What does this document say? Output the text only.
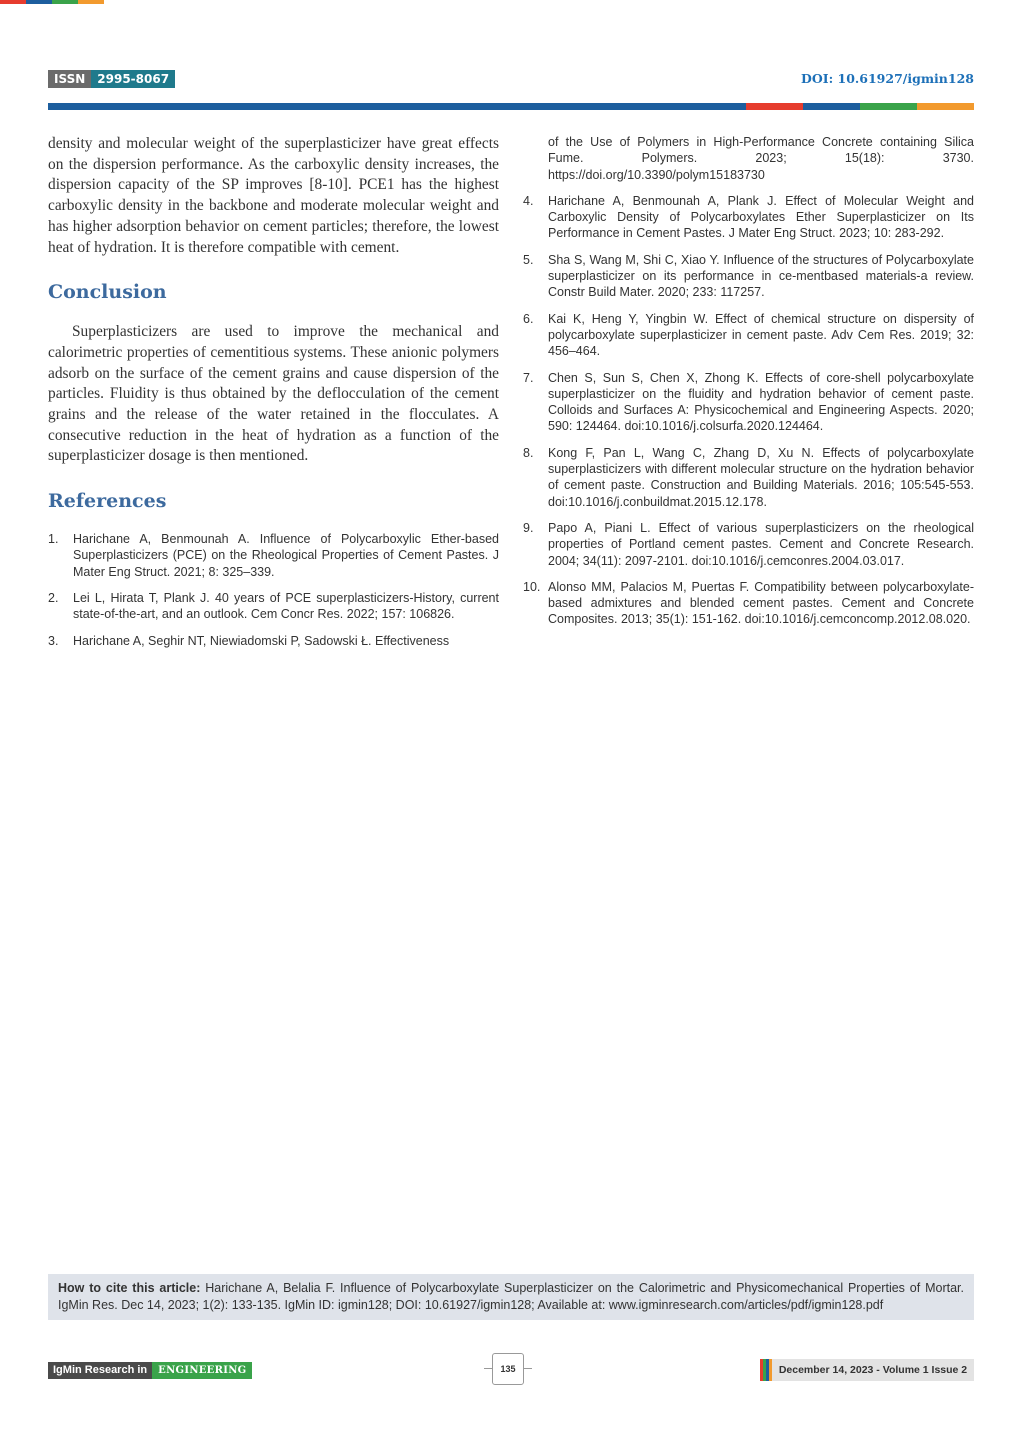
ISSN	2995-8067	DOI: 10.61927/igmin128

density and molecular weight of the superplasticizer have great effects on the dispersion performance. As the carboxylic density increases, the dispersion capacity of the SP improves [8-10]. PCE1 has the highest carboxylic density in the backbone and moderate molecular weight and has higher adsorption behavior on cement particles; therefore, the lowest heat of hydration. It is therefore compatible with cement.

Conclusion

Superplasticizers are used to improve the mechanical and calorimetric properties of cementitious systems. These anionic polymers adsorb on the surface of the cement grains and cause dispersion of the particles. Fluidity is thus obtained by the deflocculation of the cement grains and the release of the water retained in the flocculates. A consecutive reduction in the heat of hydration as a function of the superplasticizer dosage is then mentioned.

References
1.	Harichane A, Benmounah A. Influence of Polycarboxylic Ether-based Superplasticizers (PCE) on the Rheological Properties of Cement Pastes. J Mater Eng Struct. 2021; 8: 325–339.
2.	Lei L, Hirata T, Plank J. 40 years of PCE superplasticizers-History, current state-of-the-art, and an outlook. Cem Concr Res. 2022; 157: 106826.
3.	Harichane A, Seghir NT, Niewiadomski P, Sadowski Ł. Effectiveness
of the Use of Polymers in High-Performance Concrete containing Silica Fume. Polymers. 2023; 15(18): 3730. https://doi.org/10.3390/polym15183730
4.	Harichane A, Benmounah A, Plank J. Effect of Molecular Weight and Carboxylic Density of Polycarboxylates Ether Superplasticizer on Its Performance in Cement Pastes. J Mater Eng Struct. 2023; 10: 283-292.
5.	Sha S, Wang M, Shi C, Xiao Y. Influence of the structures of Polycarboxylate superplasticizer on its performance in ce-mentbased materials-a review. Constr Build Mater. 2020; 233: 117257.
6.	Kai K, Heng Y, Yingbin W. Effect of chemical structure on dispersity of polycarboxylate superplasticizer in cement paste. Adv Cem Res. 2019; 32: 456–464.
7.	Chen S, Sun S, Chen X, Zhong K. Effects of core-shell polycarboxylate superplasticizer on the fluidity and hydration behavior of cement paste. Colloids and Surfaces A: Physicochemical and Engineering Aspects. 2020; 590: 124464. doi:10.1016/j.colsurfa.2020.124464.
8.	Kong F, Pan L, Wang C, Zhang D, Xu N. Effects of polycarboxylate superplasticizers with different molecular structure on the hydration behavior of cement paste. Construction and Building Materials. 2016; 105:545-553. doi:10.1016/j.conbuildmat.2015.12.178.
9.	Papo A, Piani L. Effect of various superplasticizers on the rheological properties of Portland cement pastes. Cement and Concrete Research. 2004; 34(11): 2097-2101. doi:10.1016/j.cemconres.2004.03.017.
10. Alonso MM, Palacios M, Puertas F. Compatibility between polycarboxylate-based admixtures and blended cement pastes. Cement and Concrete Composites. 2013; 35(1): 151-162. doi:10.1016/j.cemconcomp.2012.08.020.
How to cite this article: Harichane A, Belalia F. Influence of Polycarboxylate Superplasticizer on the Calorimetric and Physicomechanical Properties of Mortar. IgMin Res. Dec 14, 2023; 1(2): 133-135. IgMin ID: igmin128; DOI: 10.61927/igmin128; Available at: www.igminresearch.com/articles/pdf/igmin128.pdf
IgMin Research in	ENGINEERING	135	December 14, 2023 - Volume 1 Issue 2
